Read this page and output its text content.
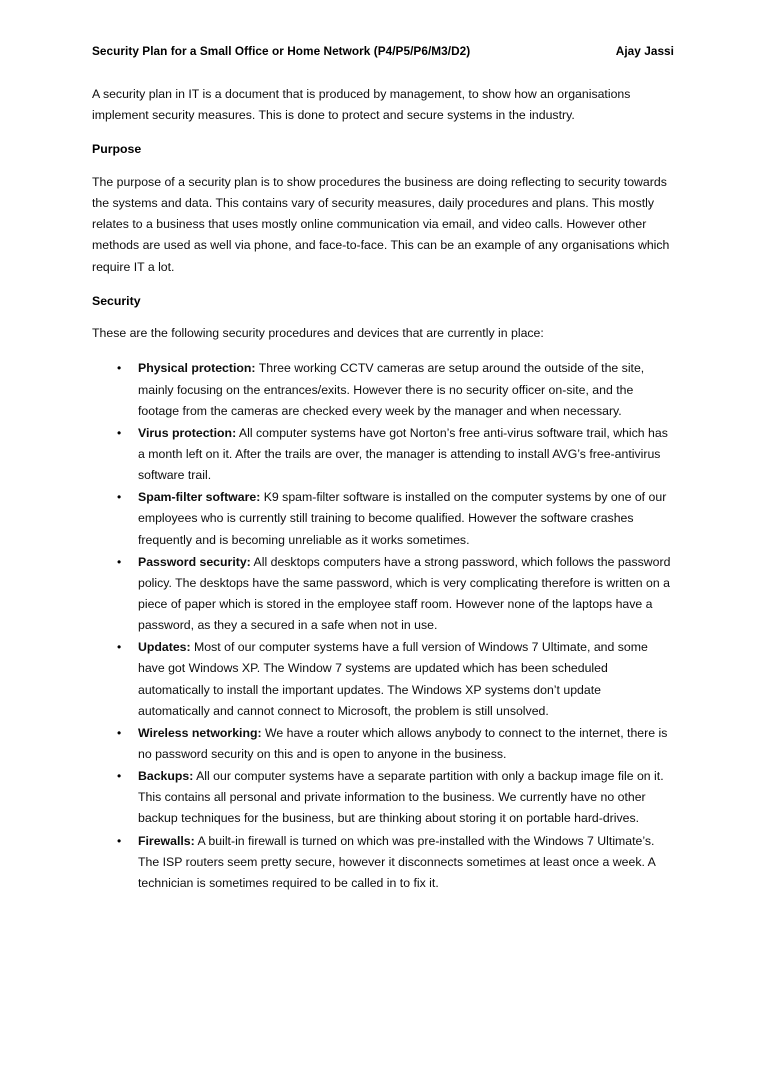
Security Plan for a Small Office or Home Network (P4/P5/P6/M3/D2)	Ajay Jassi

A security plan in IT is a document that is produced by management, to show how an organisations implement security measures. This is done to protect and secure systems in the industry.

Purpose

The purpose of a security plan is to show procedures the business are doing reflecting to security towards the systems and data. This contains vary of security measures, daily procedures and plans. This mostly relates to a business that uses mostly online communication via email, and video calls. However other methods are used as well via phone, and face-to-face. This can be an example of any organisations which require IT a lot.

Security

These are the following security procedures and devices that are currently in place:

• Physical protection: Three working CCTV cameras are setup around the outside of the site, mainly focusing on the entrances/exits. However there is no security officer on-site, and the footage from the cameras are checked every week by the manager and when necessary.
• Virus protection: All computer systems have got Norton’s free anti-virus software trail, which has a month left on it. After the trails are over, the manager is attending to install AVG’s free-antivirus software trail.
• Spam-filter software: K9 spam-filter software is installed on the computer systems by one of our employees who is currently still training to become qualified. However the software crashes frequently and is becoming unreliable as it works sometimes.
• Password security: All desktops computers have a strong password, which follows the password policy. The desktops have the same password, which is very complicating therefore is written on a piece of paper which is stored in the employee staff room. However none of the laptops have a password, as they a secured in a safe when not in use.
• Updates: Most of our computer systems have a full version of Windows 7 Ultimate, and some have got Windows XP. The Window 7 systems are updated which has been scheduled automatically to install the important updates. The Windows XP systems don’t update automatically and cannot connect to Microsoft, the problem is still unsolved.
• Wireless networking: We have a router which allows anybody to connect to the internet, there is no password security on this and is open to anyone in the business.
• Backups: All our computer systems have a separate partition with only a backup image file on it. This contains all personal and private information to the business. We currently have no other backup techniques for the business, but are thinking about storing it on portable hard-drives.
• Firewalls: A built-in firewall is turned on which was pre-installed with the Windows 7 Ultimate’s. The ISP routers seem pretty secure, however it disconnects sometimes at least once a week. A technician is sometimes required to be called in to fix it.
